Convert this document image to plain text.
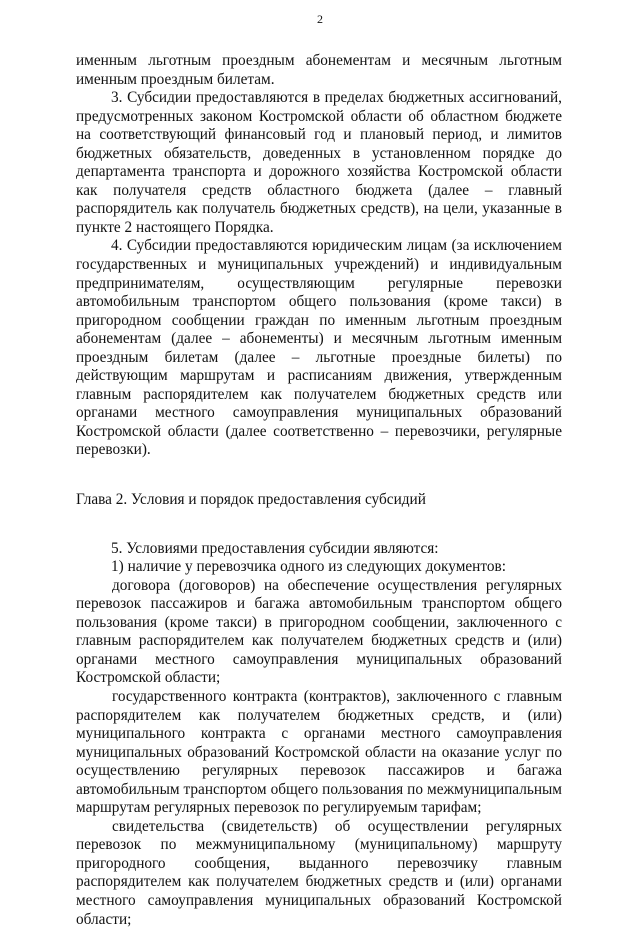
2

именным льготным проездным абонементам и месячным льготным именным проездным билетам.

3. Субсидии предоставляются в пределах бюджетных ассигнований, предусмотренных законом Костромской области об областном бюджете на соответствующий финансовый год и плановый период, и лимитов бюджетных обязательств, доведенных в установленном порядке до департамента транспорта и дорожного хозяйства Костромской области как получателя средств областного бюджета (далее – главный распорядитель как получатель бюджетных средств), на цели, указанные в пункте 2 настоящего Порядка.

4. Субсидии предоставляются юридическим лицам (за исключением государственных и муниципальных учреждений) и индивидуальным предпринимателям, осуществляющим регулярные перевозки автомобильным транспортом общего пользования (кроме такси) в пригородном сообщении граждан по именным льготным проездным абонементам (далее – абонементы) и месячным льготным именным проездным билетам (далее – льготные проездные билеты) по действующим маршрутам и расписаниям движения, утвержденным главным распорядителем как получателем бюджетных средств или органами местного самоуправления муниципальных образований Костромской области (далее соответственно – перевозчики, регулярные перевозки).

Глава 2. Условия и порядок предоставления субсидий

5. Условиями предоставления субсидии являются:

1) наличие у перевозчика одного из следующих документов:

договора (договоров) на обеспечение осуществления регулярных перевозок пассажиров и багажа автомобильным транспортом общего пользования (кроме такси) в пригородном сообщении, заключенного с главным распорядителем как получателем бюджетных средств и (или) органами местного самоуправления муниципальных образований Костромской области;

государственного контракта (контрактов), заключенного с главным распорядителем как получателем бюджетных средств, и (или) муниципального контракта с органами местного самоуправления муниципальных образований Костромской области на оказание услуг по осуществлению регулярных перевозок пассажиров и багажа автомобильным транспортом общего пользования по межмуниципальным маршрутам регулярных перевозок по регулируемым тарифам;

свидетельства (свидетельств) об осуществлении регулярных перевозок по межмуниципальному (муниципальному) маршруту пригородного сообщения, выданного перевозчику главным распорядителем как получателем бюджетных средств и (или) органами местного самоуправления муниципальных образований Костромской области;
